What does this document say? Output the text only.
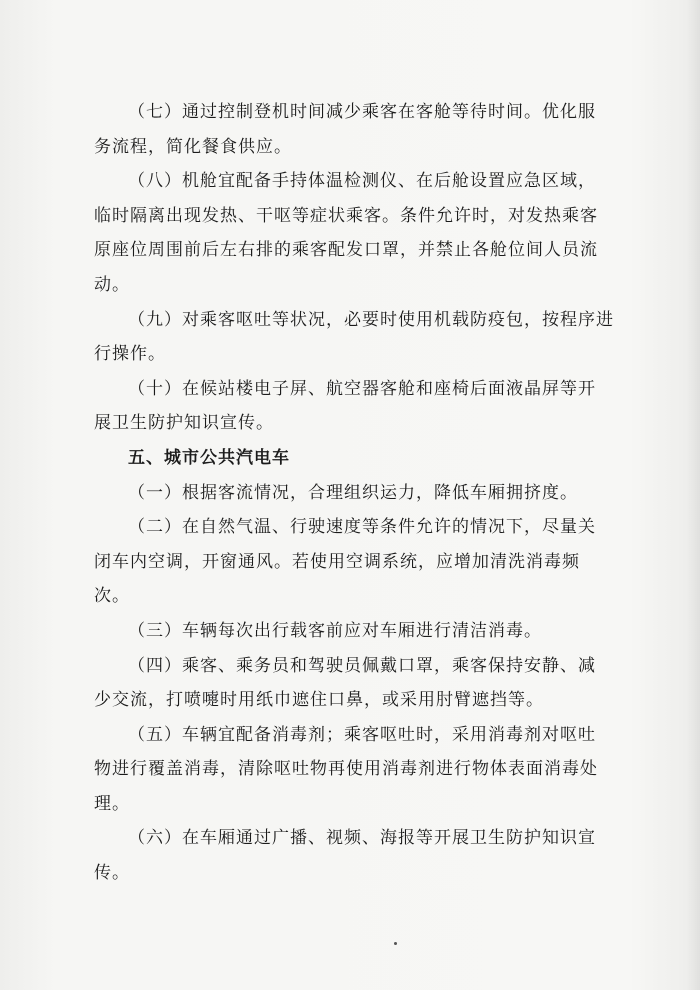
（七）通过控制登机时间减少乘客在客舱等待时间。优化服 务流程，简化餐食供应。

（八）机舱宜配备手持体温检测仪、在后舱设置应急区域， 临时隔离出现发热、干呕等症状乘客。条件允许时，对发热乘客 原座位周围前后左右排的乘客配发口罩，并禁止各舱位间人员流  动。

（九）对乘客呕吐等状况，必要时使用机载防疫包，按程序进行操作。

（十）在候站楼电子屏、航空器客舱和座椅后面液晶屏等开 展卫生防护知识宣传。

五、城市公共汽电车

（一）根据客流情况，合理组织运力，降低车厢拥挤度。

（二）在自然气温、行驶速度等条件允许的情况下，尽量关 闭车内空调，开窗通风。若使用空调系统，应增加清洗消毒频次。

（三）车辆每次出行载客前应对车厢进行清洁消毒。

（四）乘客、乘务员和驾驶员佩戴口罩，乘客保持安静、减 少交流，打喷嚏时用纸巾遮住口鼻，或采用肘臂遮挡等。

（五）车辆宜配备消毒剂；乘客呕吐时，采用消毒剂对呕吐 物进行覆盖消毒，清除呕吐物再使用消毒剂进行物体表面消毒处理。

（六）在车厢通过广播、视频、海报等开展卫生防护知识宣传。
